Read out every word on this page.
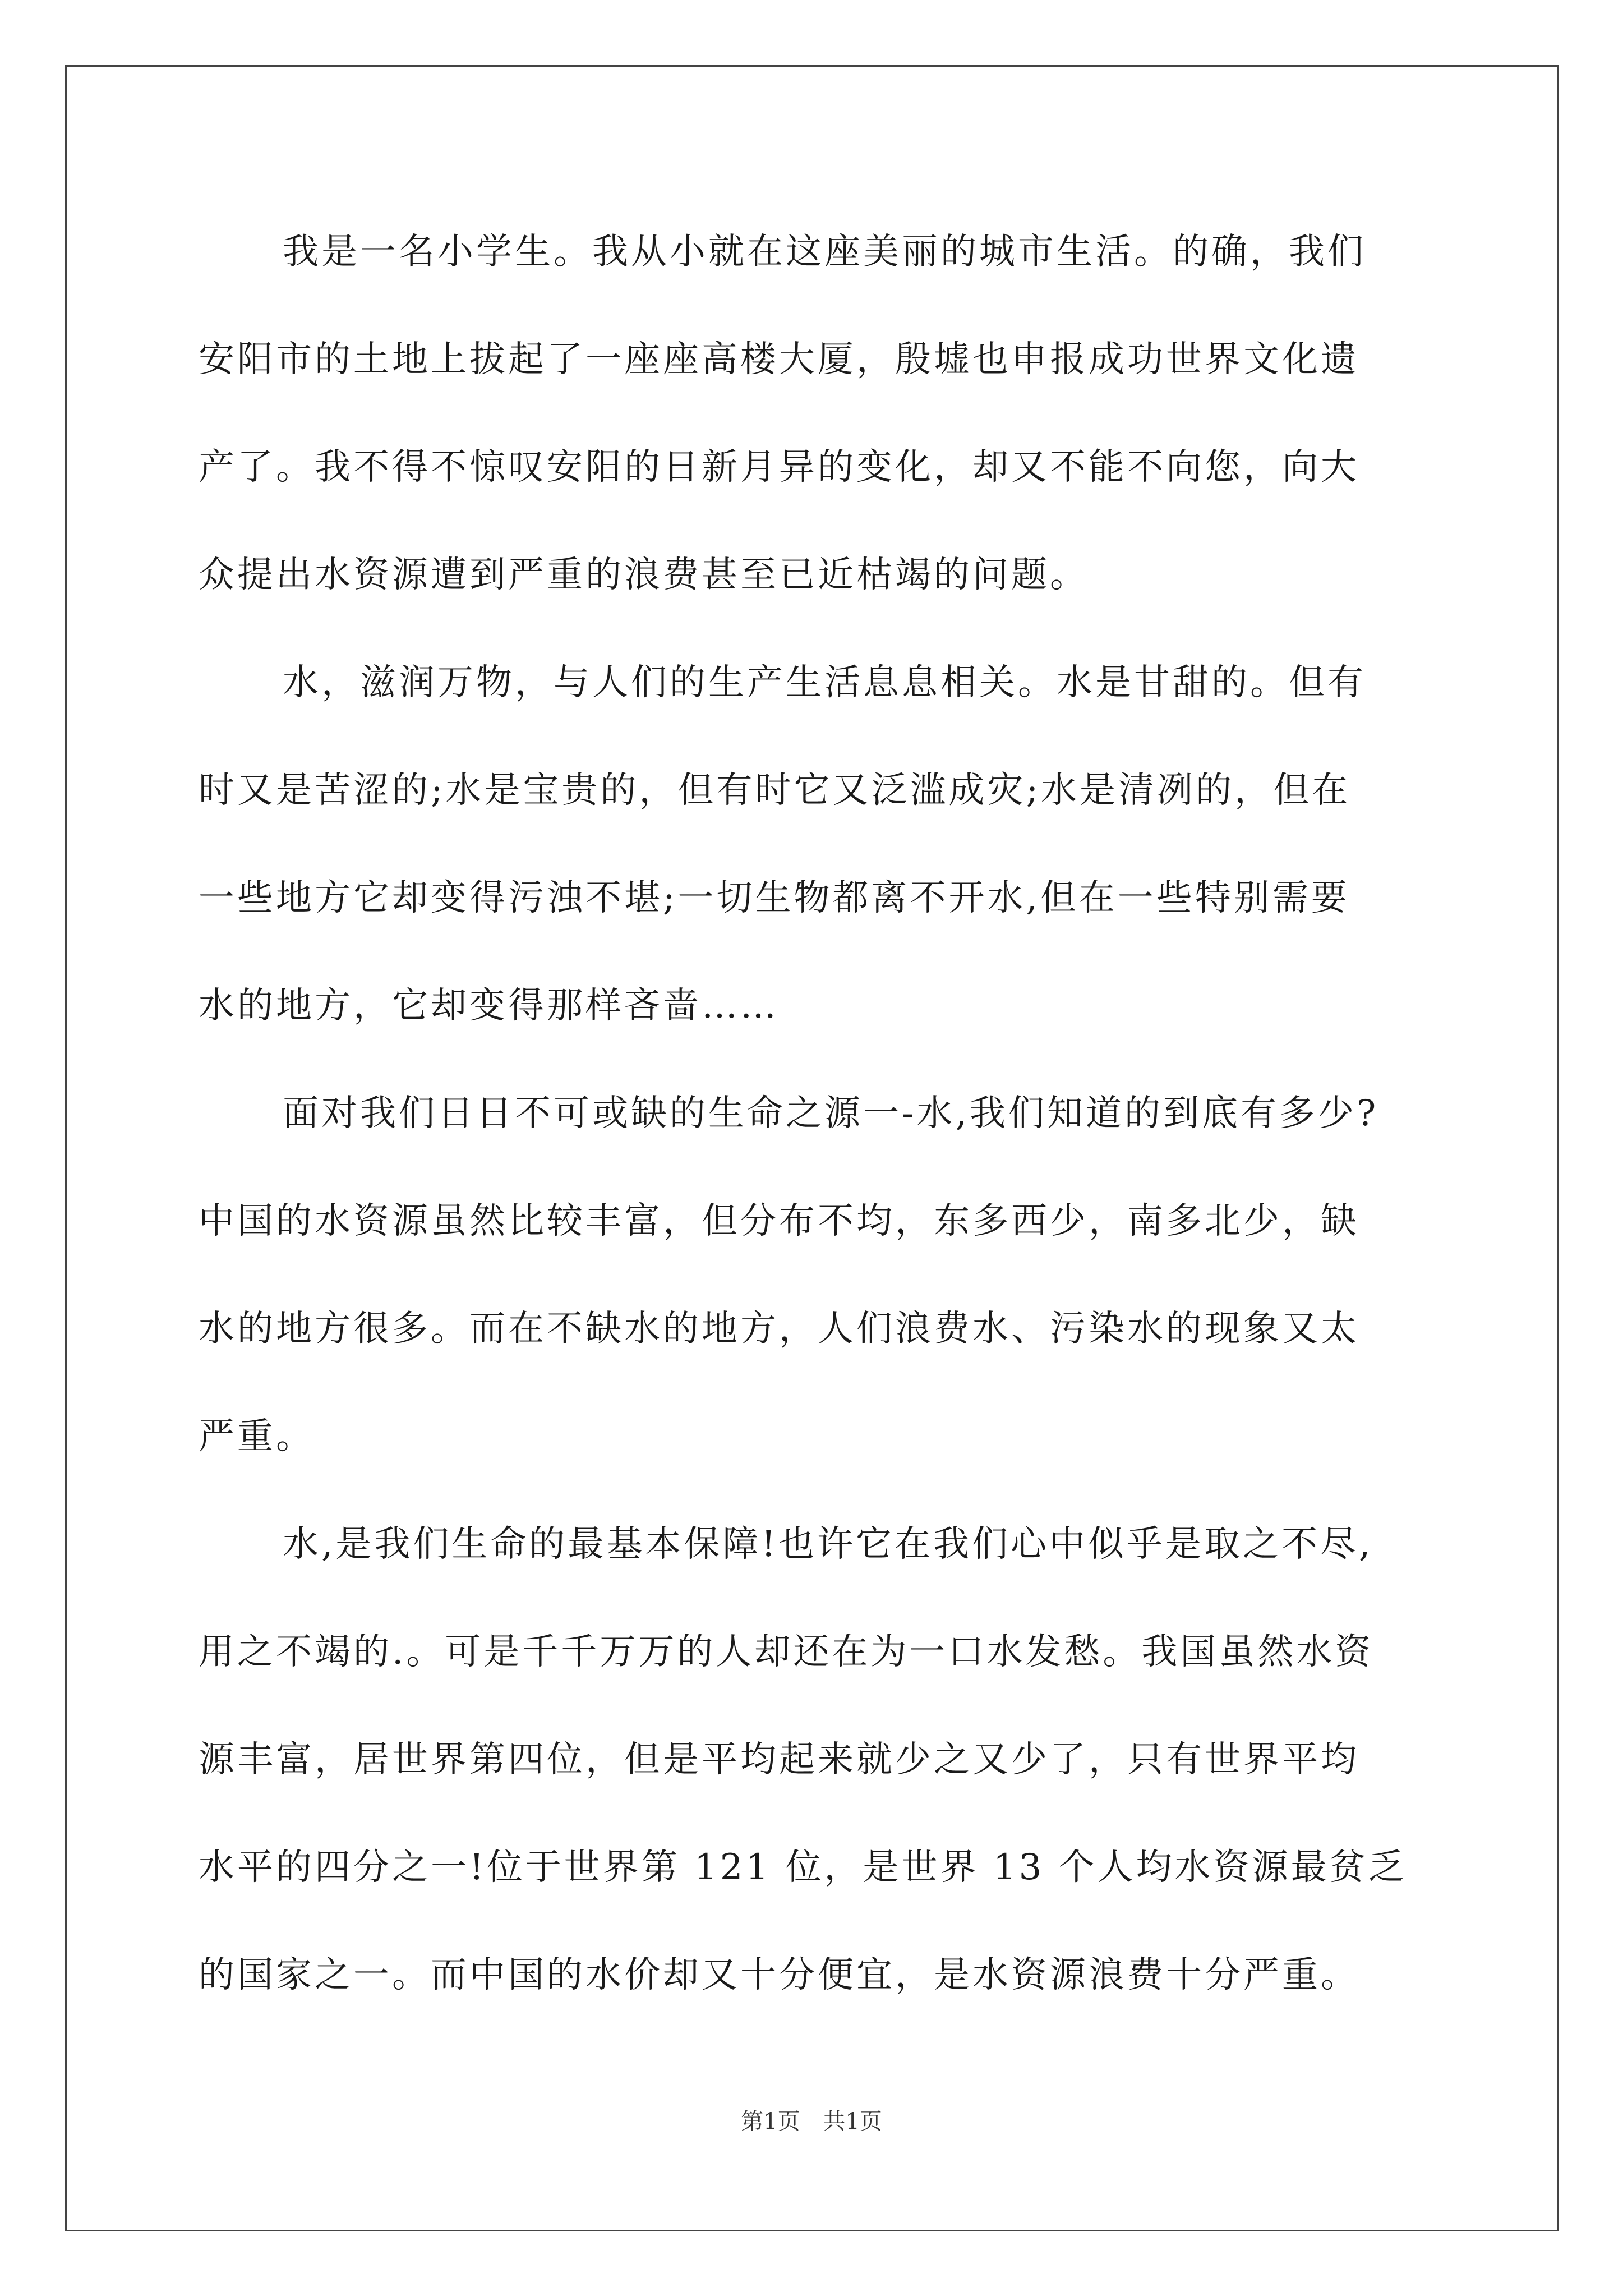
我是一名小学生。我从小就在这座美丽的城市生活。的确，我们
安阳市的土地上拔起了一座座高楼大厦，殷墟也申报成功世界文化遗
产了。我不得不惊叹安阳的日新月异的变化，却又不能不向您，向大
众提出水资源遭到严重的浪费甚至已近枯竭的问题。
水，滋润万物，与人们的生产生活息息相关。水是甘甜的。但有
时又是苦涩的;水是宝贵的，但有时它又泛滥成灾;水是清冽的，但在
一些地方它却变得污浊不堪;一切生物都离不开水,但在一些特别需要
水的地方，它却变得那样吝啬……
面对我们日日不可或缺的生命之源一-水,我们知道的到底有多少?
中国的水资源虽然比较丰富，但分布不均，东多西少，南多北少，缺
水的地方很多。而在不缺水的地方，人们浪费水、污染水的现象又太
严重。
水,是我们生命的最基本保障!也许它在我们心中似乎是取之不尽,
用之不竭的.。可是千千万万的人却还在为一口水发愁。我国虽然水资
源丰富，居世界第四位，但是平均起来就少之又少了，只有世界平均
水平的四分之一!位于世界第 121 位，是世界 13 个人均水资源最贫乏
的国家之一。而中国的水价却又十分便宜，是水资源浪费十分严重。
第1页 共1页
